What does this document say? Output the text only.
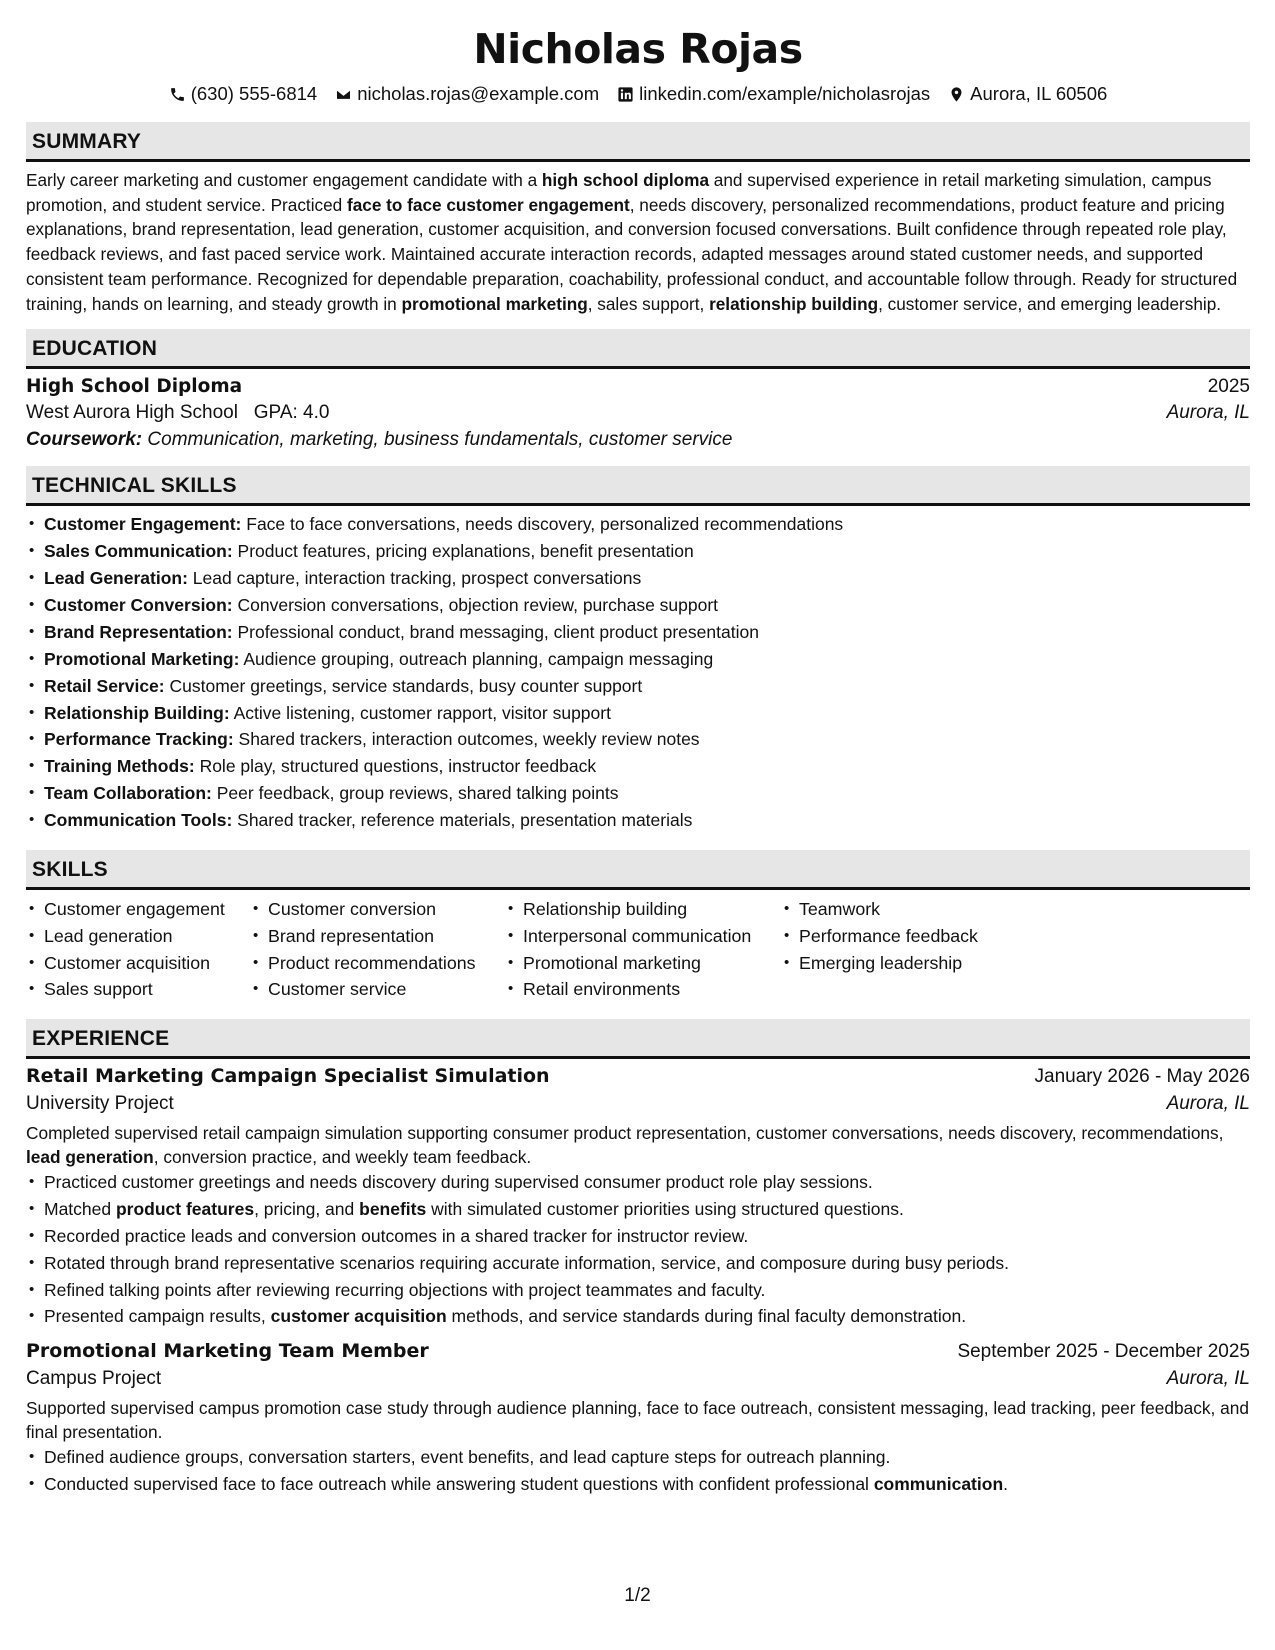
Nicholas Rojas
(630) 555-6814 nicholas.rojas@example.com linkedin.com/example/nicholasrojas Aurora, IL 60506
SUMMARY

Early career marketing and customer engagement candidate with a high school diploma and supervised experience in retail marketing simulation, campus promotion, and student service. Practiced face to face customer engagement, needs discovery, personalized recommendations, product feature and pricing explanations, brand representation, lead generation, customer acquisition, and conversion focused conversations. Built confidence through repeated role play, feedback reviews, and fast paced service work. Maintained accurate interaction records, adapted messages around stated customer needs, and supported consistent team performance. Recognized for dependable preparation, coachability, professional conduct, and accountable follow through. Ready for structured training, hands on learning, and steady growth in promotional marketing, sales support, relationship building, customer service, and emerging leadership.

EDUCATION
High School Diploma	2025
West Aurora High School GPA: 4.0	Aurora, IL
Coursework: Communication, marketing, business fundamentals, customer service
TECHNICAL SKILLS
• Customer Engagement: Face to face conversations, needs discovery, personalized recommendations
• Sales Communication: Product features, pricing explanations, benefit presentation
• Lead Generation: Lead capture, interaction tracking, prospect conversations
• Customer Conversion: Conversion conversations, objection review, purchase support
• Brand Representation: Professional conduct, brand messaging, client product presentation
• Promotional Marketing: Audience grouping, outreach planning, campaign messaging
• Retail Service: Customer greetings, service standards, busy counter support
• Relationship Building: Active listening, customer rapport, visitor support
• Performance Tracking: Shared trackers, interaction outcomes, weekly review notes
• Training Methods: Role play, structured questions, instructor feedback
• Team Collaboration: Peer feedback, group reviews, shared talking points
• Communication Tools: Shared tracker, reference materials, presentation materials
SKILLS
• Customer engagement
• Lead generation
• Customer acquisition
• Sales support
• Customer conversion
• Brand representation
• Product recommendations
• Customer service
• Relationship building
• Interpersonal communication
• Promotional marketing
• Retail environments
• Teamwork
• Performance feedback
• Emerging leadership
EXPERIENCE
Retail Marketing Campaign Specialist Simulation	January 2026 - May 2026
University Project	Aurora, IL

Completed supervised retail campaign simulation supporting consumer product representation, customer conversations, needs discovery, recommendations, lead generation, conversion practice, and weekly team feedback.

• Practiced customer greetings and needs discovery during supervised consumer product role play sessions.
• Matched product features, pricing, and benefits with simulated customer priorities using structured questions.
• Recorded practice leads and conversion outcomes in a shared tracker for instructor review.
• Rotated through brand representative scenarios requiring accurate information, service, and composure during busy periods.
• Refined talking points after reviewing recurring objections with project teammates and faculty.
• Presented campaign results, customer acquisition methods, and service standards during final faculty demonstration.
Promotional Marketing Team Member	September 2025 - December 2025
Campus Project	Aurora, IL

Supported supervised campus promotion case study through audience planning, face to face outreach, consistent messaging, lead tracking, peer feedback, and final presentation.

• Defined audience groups, conversation starters, event benefits, and lead capture steps for outreach planning.
• Conducted supervised face to face outreach while answering student questions with confident professional communication.
1/2
